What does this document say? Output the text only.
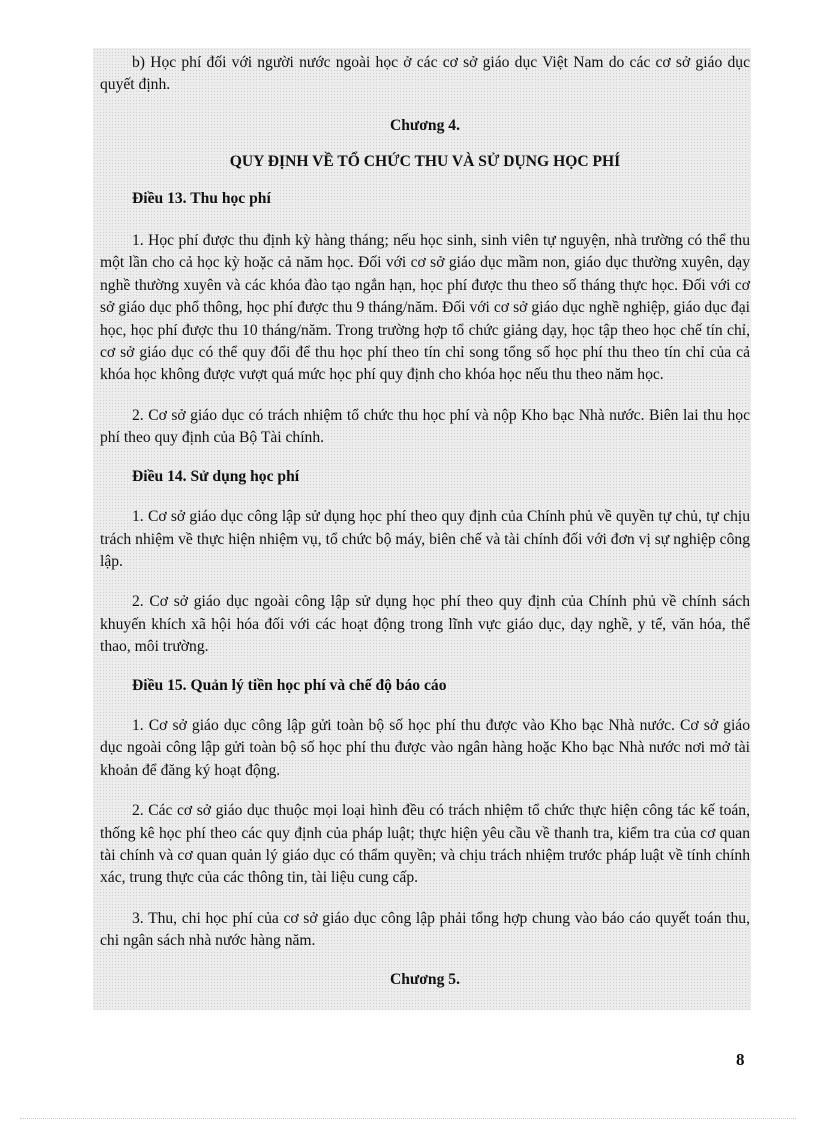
b) Học phí đối với người nước ngoài học ở các cơ sở giáo dục Việt Nam do các cơ sở giáo dục quyết định.

Chương 4.

QUY ĐỊNH VỀ TỔ CHỨC THU VÀ SỬ DỤNG HỌC PHÍ

Điều 13. Thu học phí

1. Học phí được thu định kỳ hàng tháng; nếu học sinh, sinh viên tự nguyện, nhà trường có thể thu một lần cho cả học kỳ hoặc cả năm học. Đối với cơ sở giáo dục mầm non, giáo dục thường xuyên, dạy nghề thường xuyên và các khóa đào tạo ngắn hạn, học phí được thu theo số tháng thực học. Đối với cơ sở giáo dục phổ thông, học phí được thu 9 tháng/năm. Đối với cơ sở giáo dục nghề nghiệp, giáo dục đại học, học phí được thu 10 tháng/năm. Trong trường hợp tổ chức giảng dạy, học tập theo học chế tín chỉ, cơ sở giáo dục có thể quy đổi để thu học phí theo tín chỉ song tổng số học phí thu theo tín chỉ của cả khóa học không được vượt quá mức học phí quy định cho khóa học nếu thu theo năm học.

2. Cơ sở giáo dục có trách nhiệm tổ chức thu học phí và nộp Kho bạc Nhà nước. Biên lai thu học phí theo quy định của Bộ Tài chính.

Điều 14. Sử dụng học phí

1. Cơ sở giáo dục công lập sử dụng học phí theo quy định của Chính phủ về quyền tự chủ, tự chịu trách nhiệm về thực hiện nhiệm vụ, tổ chức bộ máy, biên chế và tài chính đối với đơn vị sự nghiệp công lập.

2. Cơ sở giáo dục ngoài công lập sử dụng học phí theo quy định của Chính phủ về chính sách khuyến khích xã hội hóa đối với các hoạt động trong lĩnh vực giáo dục, dạy nghề, y tế, văn hóa, thể thao, môi trường.

Điều 15. Quản lý tiền học phí và chế độ báo cáo

1. Cơ sở giáo dục công lập gửi toàn bộ số học phí thu được vào Kho bạc Nhà nước. Cơ sở giáo dục ngoài công lập gửi toàn bộ số học phí thu được vào ngân hàng hoặc Kho bạc Nhà nước nơi mở tài khoản để đăng ký hoạt động.

2. Các cơ sở giáo dục thuộc mọi loại hình đều có trách nhiệm tổ chức thực hiện công tác kế toán, thống kê học phí theo các quy định của pháp luật; thực hiện yêu cầu về thanh tra, kiểm tra của cơ quan tài chính và cơ quan quản lý giáo dục có thẩm quyền; và chịu trách nhiệm trước pháp luật về tính chính xác, trung thực của các thông tin, tài liệu cung cấp.

3. Thu, chi học phí của cơ sở giáo dục công lập phải tổng hợp chung vào báo cáo quyết toán thu, chi ngân sách nhà nước hàng năm.

Chương 5.

8
